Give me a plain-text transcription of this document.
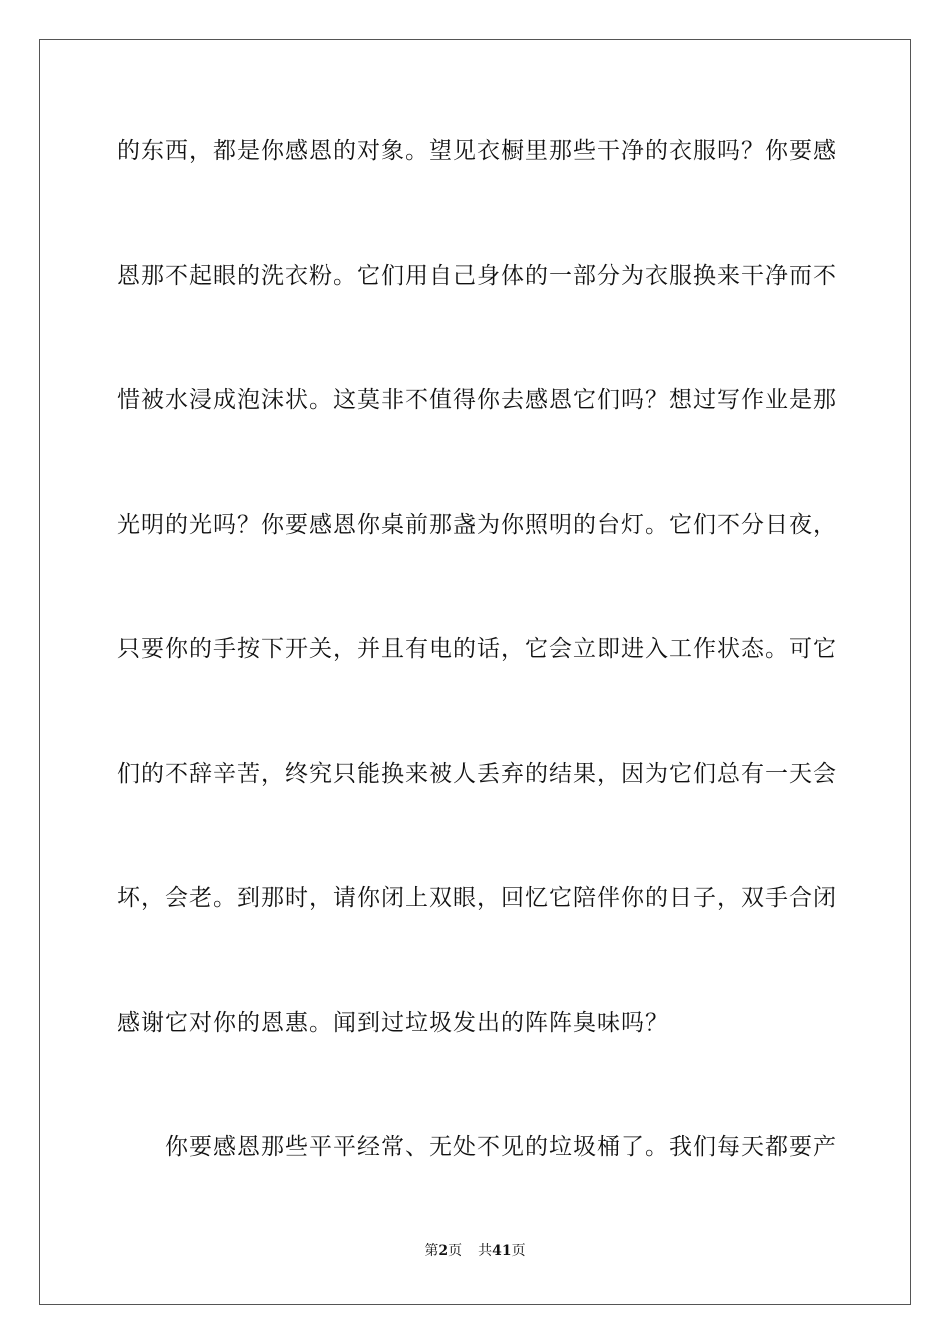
的东西，都是你感恩的对象。望见衣橱里那些干净的衣服吗？你要感
恩那不起眼的洗衣粉。它们用自己身体的一部分为衣服换来干净而不
惜被水浸成泡沫状。这莫非不值得你去感恩它们吗？想过写作业是那
光明的光吗？你要感恩你桌前那盏为你照明的台灯。它们不分日夜，
只要你的手按下开关，并且有电的话，它会立即进入工作状态。可它
们的不辞辛苦，终究只能换来被人丢弃的结果，因为它们总有一天会
坏，会老。到那时，请你闭上双眼，回忆它陪伴你的日子，双手合闭
感谢它对你的恩惠。闻到过垃圾发出的阵阵臭味吗？
你要感恩那些平平经常、无处不见的垃圾桶了。我们每天都要产
第2页 共41页
